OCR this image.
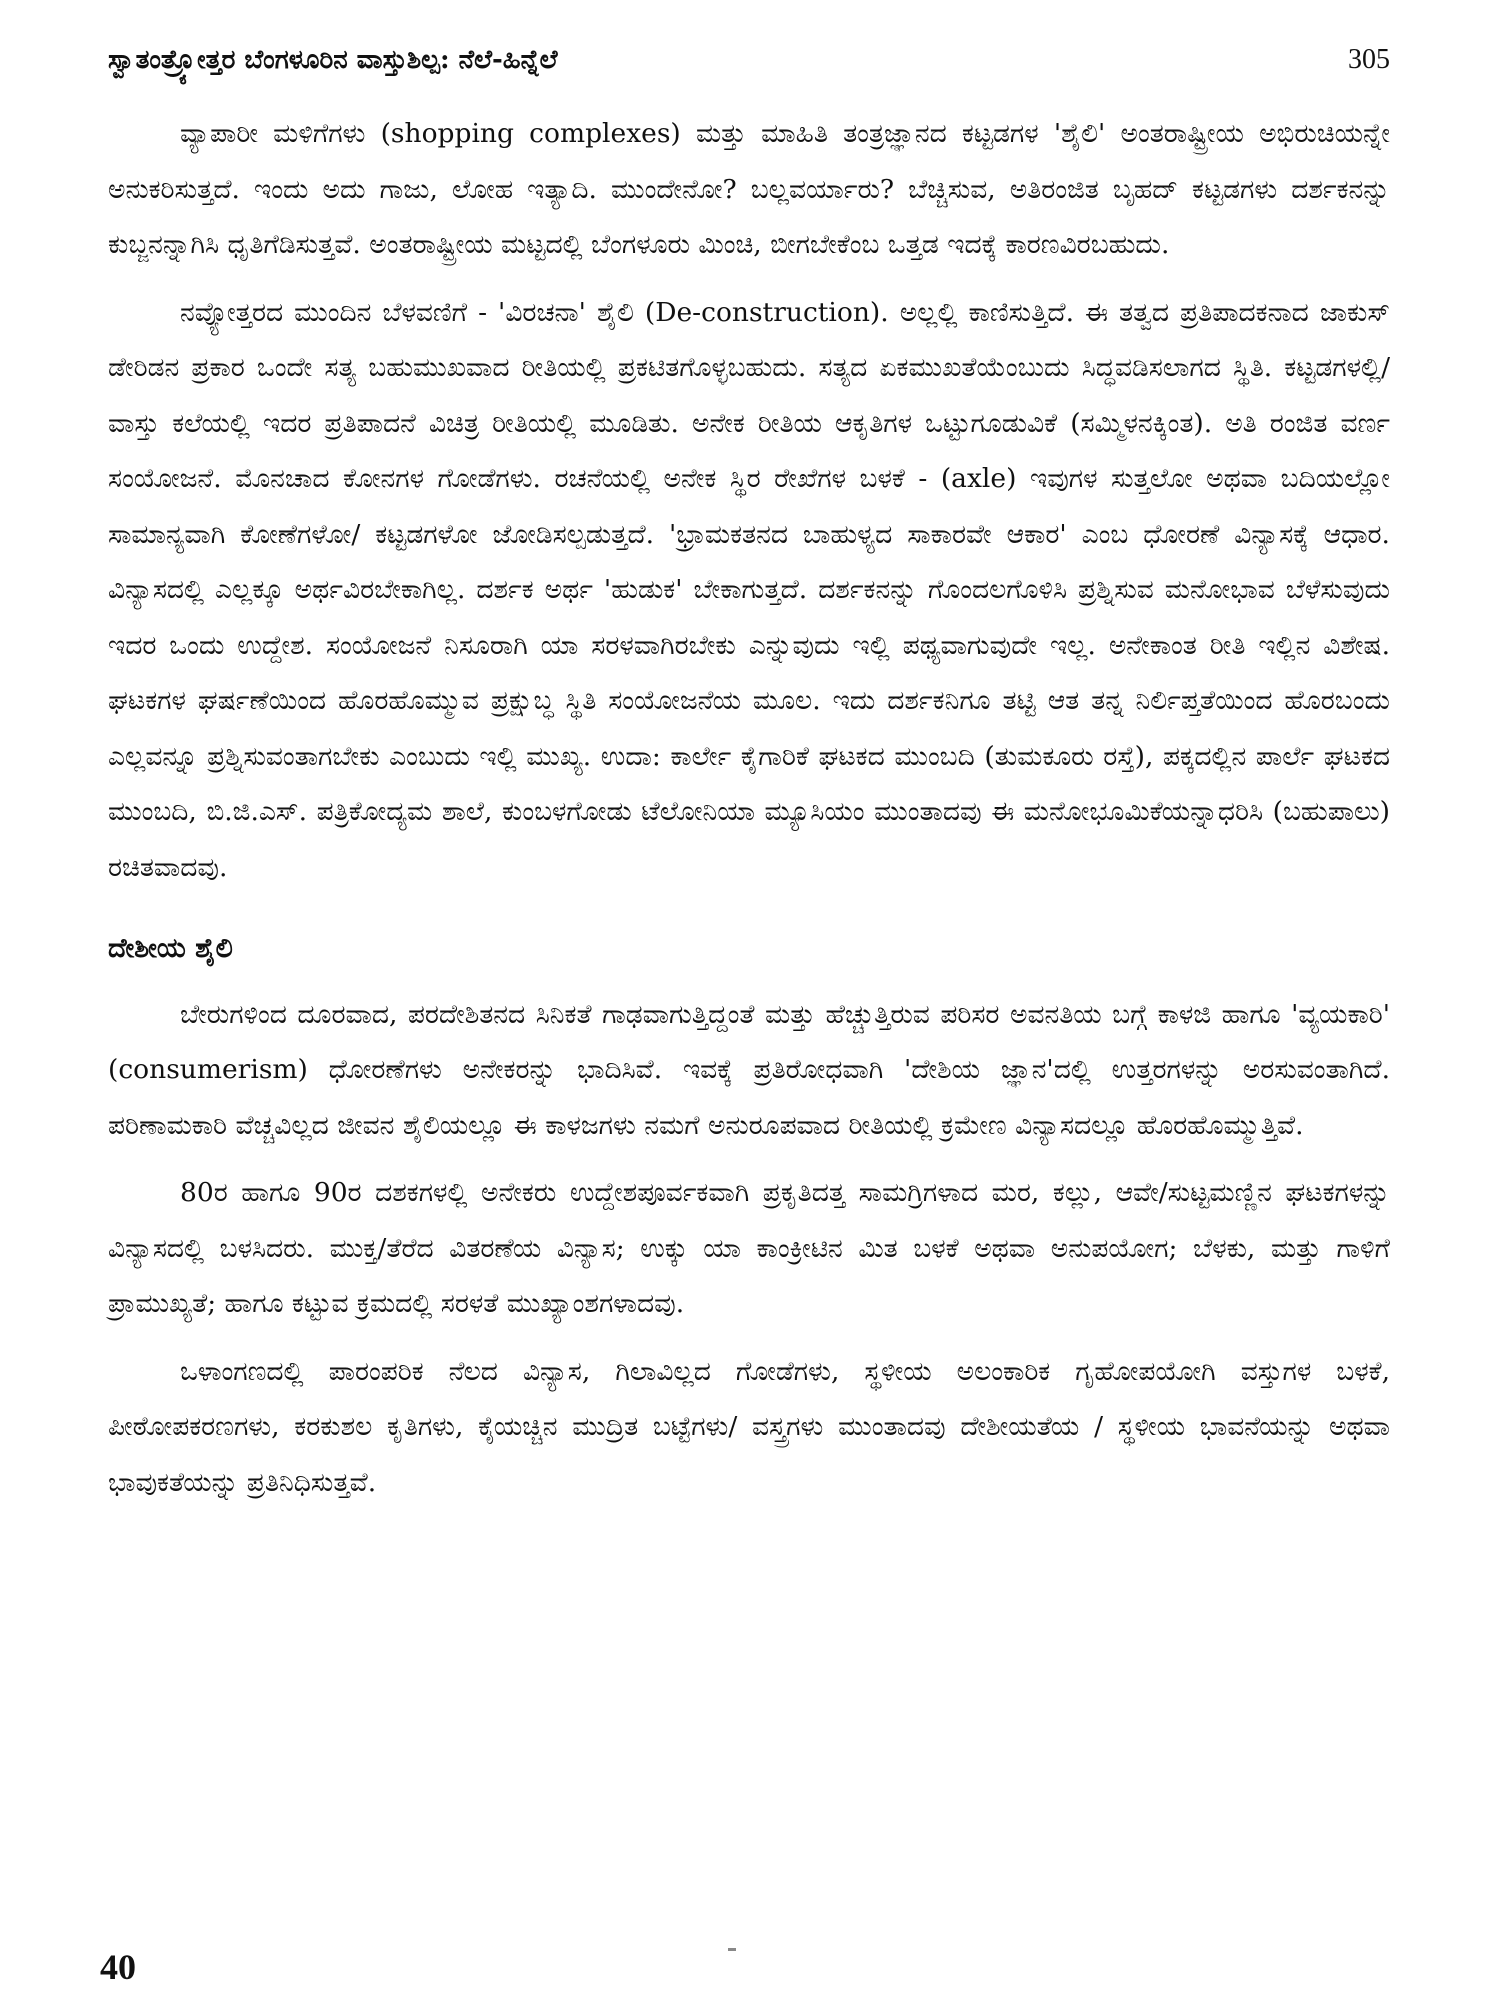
ಸ್ವಾತಂತ್ರ್ಯೋತ್ತರ ಬೆಂಗಳೂರಿನ ವಾಸ್ತುಶಿಲ್ಪ: ನೆಲೆ-ಹಿನ್ನೆಲೆ	305

ವ್ಯಾಪಾರೀ ಮಳಿಗೆಗಳು (shopping complexes) ಮತ್ತು ಮಾಹಿತಿ ತಂತ್ರಜ್ಞಾನದ ಕಟ್ಟಡಗಳ 'ಶೈಲಿ' ಅಂತರಾಷ್ಟ್ರೀಯ ಅಭಿರುಚಿಯನ್ನೇ ಅನುಕರಿಸುತ್ತದೆ. ಇಂದು ಅದು ಗಾಜು, ಲೋಹ ಇತ್ಯಾದಿ. ಮುಂದೇನೋ? ಬಲ್ಲವರ್ಯಾರು? ಬೆಚ್ಚಿಸುವ, ಅತಿರಂಜಿತ ಬೃಹದ್ ಕಟ್ಟಡಗಳು ದರ್ಶಕನನ್ನು ಕುಬ್ಜನನ್ನಾಗಿಸಿ ಧೃತಿಗೆಡಿಸುತ್ತವೆ. ಅಂತರಾಷ್ಟ್ರೀಯ ಮಟ್ಟದಲ್ಲಿ ಬೆಂಗಳೂರು ಮಿಂಚಿ, ಬೀಗಬೇಕೆಂಬ ಒತ್ತಡ ಇದಕ್ಕೆ ಕಾರಣವಿರಬಹುದು.

ನವ್ಯೋತ್ತರದ ಮುಂದಿನ ಬೆಳವಣಿಗೆ - 'ವಿರಚನಾ' ಶೈಲಿ (De-construction). ಅಲ್ಲಲ್ಲಿ ಕಾಣಿಸುತ್ತಿದೆ. ಈ ತತ್ವದ ಪ್ರತಿಪಾದಕನಾದ ಜಾಕುಸ್ ಡೇರಿಡನ ಪ್ರಕಾರ ಒಂದೇ ಸತ್ಯ ಬಹುಮುಖವಾದ ರೀತಿಯಲ್ಲಿ ಪ್ರಕಟಿತಗೊಳ್ಳಬಹುದು. ಸತ್ಯದ ಏಕಮುಖತೆಯೆಂಬುದು ಸಿದ್ಧವಡಿಸಲಾಗದ ಸ್ಥಿತಿ. ಕಟ್ಟಡಗಳಲ್ಲಿ/ವಾಸ್ತು ಕಲೆಯಲ್ಲಿ ಇದರ ಪ್ರತಿಪಾದನೆ ವಿಚಿತ್ರ ರೀತಿಯಲ್ಲಿ ಮೂಡಿತು. ಅನೇಕ ರೀತಿಯ ಆಕೃತಿಗಳ ಒಟ್ಟುಗೂಡುವಿಕೆ (ಸಮ್ಮಿಳನಕ್ಕಿಂತ). ಅತಿ ರಂಜಿತ ವರ್ಣ ಸಂಯೋಜನೆ. ಮೊನಚಾದ ಕೋನಗಳ ಗೋಡೆಗಳು. ರಚನೆಯಲ್ಲಿ ಅನೇಕ ಸ್ಥಿರ ರೇಖೆಗಳ ಬಳಕೆ - (axle) ಇವುಗಳ ಸುತ್ತಲೋ ಅಥವಾ ಬದಿಯಲ್ಲೋ ಸಾಮಾನ್ಯವಾಗಿ ಕೋಣೆಗಳೋ/ ಕಟ್ಟಡಗಳೋ ಜೋಡಿಸಲ್ಪಡುತ್ತದೆ. 'ಭ್ರಾಮಕತನದ ಬಾಹುಳ್ಯದ ಸಾಕಾರವೇ ಆಕಾರ' ಎಂಬ ಧೋರಣೆ ವಿನ್ಯಾಸಕ್ಕೆ ಆಧಾರ. ವಿನ್ಯಾಸದಲ್ಲಿ ಎಲ್ಲಕ್ಕೂ ಅರ್ಥವಿರಬೇಕಾಗಿಲ್ಲ. ದರ್ಶಕ ಅರ್ಥ 'ಹುಡುಕ' ಬೇಕಾಗುತ್ತದೆ. ದರ್ಶಕನನ್ನು ಗೊಂದಲಗೊಳಿಸಿ ಪ್ರಶ್ನಿಸುವ ಮನೋಭಾವ ಬೆಳೆಸುವುದು ಇದರ ಒಂದು ಉದ್ದೇಶ. ಸಂಯೋಜನೆ ನಿಸೂರಾಗಿ ಯಾ ಸರಳವಾಗಿರಬೇಕು ಎನ್ನುವುದು ಇಲ್ಲಿ ಪಥ್ಯವಾಗುವುದೇ ಇಲ್ಲ. ಅನೇಕಾಂತ ರೀತಿ ಇಲ್ಲಿನ ವಿಶೇಷ. ಘಟಕಗಳ ಘರ್ಷಣೆಯಿಂದ ಹೊರಹೊಮ್ಮುವ ಪ್ರಕ್ಷುಬ್ಧ ಸ್ಥಿತಿ ಸಂಯೋಜನೆಯ ಮೂಲ. ಇದು ದರ್ಶಕನಿಗೂ ತಟ್ಟಿ ಆತ ತನ್ನ ನಿರ್ಲಿಪ್ತತೆಯಿಂದ ಹೊರಬಂದು ಎಲ್ಲವನ್ನೂ ಪ್ರಶ್ನಿಸುವಂತಾಗಬೇಕು ಎಂಬುದು ಇಲ್ಲಿ ಮುಖ್ಯ. ಉದಾ: ಕಾರ್ಲೇ ಕೈಗಾರಿಕೆ ಘಟಕದ ಮುಂಬದಿ (ತುಮಕೂರು ರಸ್ತೆ), ಪಕ್ಕದಲ್ಲಿನ ಪಾರ್ಲೆ ಘಟಕದ ಮುಂಬದಿ, ಬಿ.ಜಿ.ಎಸ್. ಪತ್ರಿಕೋದ್ಯಮ ಶಾಲೆ, ಕುಂಬಳಗೋಡು ಟೆಲೋನಿಯಾ ಮ್ಯೂಸಿಯಂ ಮುಂತಾದವು ಈ ಮನೋಭೂಮಿಕೆಯನ್ನಾಧರಿಸಿ (ಬಹುಪಾಲು) ರಚಿತವಾದವು.

ದೇಶೀಯ ಶೈಲಿ

ಬೇರುಗಳಿಂದ ದೂರವಾದ, ಪರದೇಶಿತನದ ಸಿನಿಕತೆ ಗಾಢವಾಗುತ್ತಿದ್ದಂತೆ ಮತ್ತು ಹೆಚ್ಚುತ್ತಿರುವ ಪರಿಸರ ಅವನತಿಯ ಬಗ್ಗೆ ಕಾಳಜಿ ಹಾಗೂ 'ವ್ಯಯಕಾರಿ' (consumerism) ಧೋರಣೆಗಳು ಅನೇಕರನ್ನು ಭಾದಿಸಿವೆ. ಇವಕ್ಕೆ ಪ್ರತಿರೋಧವಾಗಿ 'ದೇಶಿಯ ಜ್ಞಾನ'ದಲ್ಲಿ ಉತ್ತರಗಳನ್ನು ಅರಸುವಂತಾಗಿದೆ. ಪರಿಣಾಮಕಾರಿ ವೆಚ್ಚವಿಲ್ಲದ ಜೀವನ ಶೈಲಿಯಲ್ಲೂ ಈ ಕಾಳಜಗಳು ನಮಗೆ ಅನುರೂಪವಾದ ರೀತಿಯಲ್ಲಿ ಕ್ರಮೇಣ ವಿನ್ಯಾಸದಲ್ಲೂ ಹೊರಹೊಮ್ಮುತ್ತಿವೆ.

80ರ ಹಾಗೂ 90ರ ದಶಕಗಳಲ್ಲಿ ಅನೇಕರು ಉದ್ದೇಶಪೂರ್ವಕವಾಗಿ ಪ್ರಕೃತಿದತ್ತ ಸಾಮಗ್ರಿಗಳಾದ ಮರ, ಕಲ್ಲು, ಆವೇ/ಸುಟ್ಟಮಣ್ಣಿನ ಘಟಕಗಳನ್ನು ವಿನ್ಯಾಸದಲ್ಲಿ ಬಳಸಿದರು. ಮುಕ್ತ/ತೆರೆದ ವಿತರಣೆಯ ವಿನ್ಯಾಸ; ಉಕ್ಕು ಯಾ ಕಾಂಕ್ರೀಟಿನ ಮಿತ ಬಳಕೆ ಅಥವಾ ಅನುಪಯೋಗ; ಬೆಳಕು, ಮತ್ತು ಗಾಳಿಗೆ ಪ್ರಾಮುಖ್ಯತೆ; ಹಾಗೂ ಕಟ್ಟುವ ಕ್ರಮದಲ್ಲಿ ಸರಳತೆ ಮುಖ್ಯಾಂಶಗಳಾದವು.

ಒಳಾಂಗಣದಲ್ಲಿ ಪಾರಂಪರಿಕ ನೆಲದ ವಿನ್ಯಾಸ, ಗಿಲಾವಿಲ್ಲದ ಗೋಡೆಗಳು, ಸ್ಥಳೀಯ ಅಲಂಕಾರಿಕ ಗೃಹೋಪಯೋಗಿ ವಸ್ತುಗಳ ಬಳಕೆ, ಪೀಠೋಪಕರಣಗಳು, ಕರಕುಶಲ ಕೃತಿಗಳು, ಕೈಯಚ್ಚಿನ ಮುದ್ರಿತ ಬಟ್ಟೆಗಳು/ ವಸ್ತ್ರಗಳು ಮುಂತಾದವು ದೇಶೀಯತೆಯ / ಸ್ಥಳೀಯ ಭಾವನೆಯನ್ನು ಅಥವಾ ಭಾವುಕತೆಯನ್ನು ಪ್ರತಿನಿಧಿಸುತ್ತವೆ.

40
